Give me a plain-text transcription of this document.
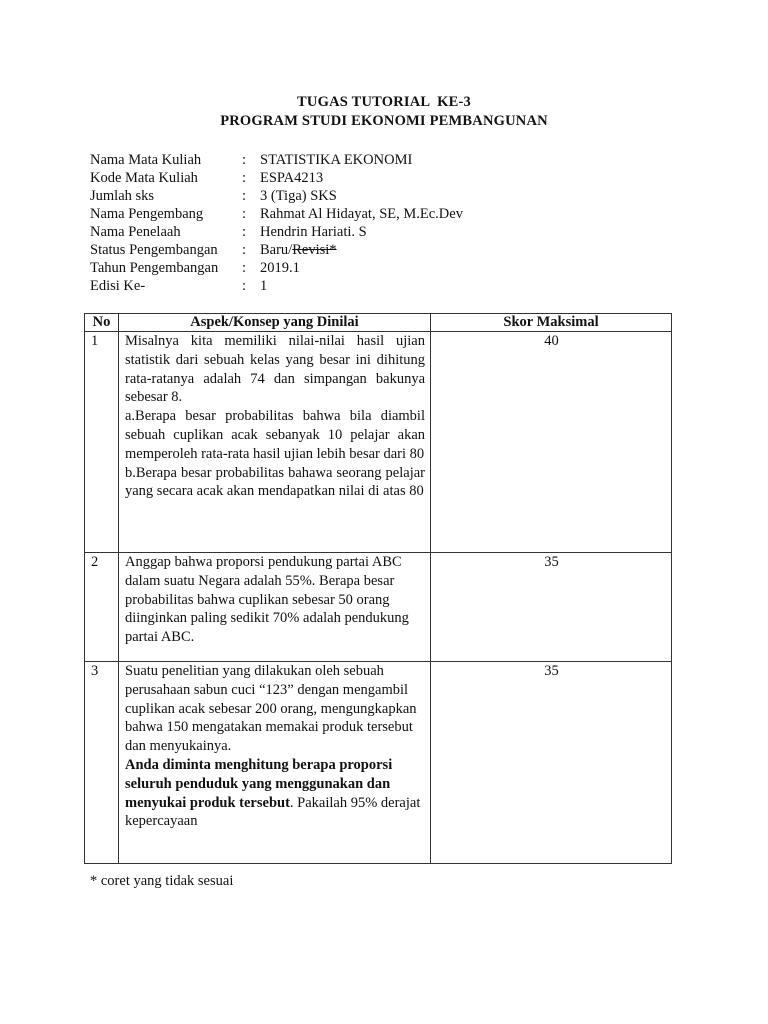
TUGAS TUTORIAL  KE-3
PROGRAM STUDI EKONOMI PEMBANGUNAN
Nama Mata Kuliah	: STATISTIKA EKONOMI
Kode Mata Kuliah	: ESPA4213
Jumlah sks	: 3 (Tiga) SKS
Nama Pengembang	: Rahmat Al Hidayat, SE, M.Ec.Dev
Nama Penelaah	: Hendrin Hariati. S
Status Pengembangan	: Baru/Revisi*
Tahun Pengembangan	: 2019.1
Edisi Ke-	: 1
No	Aspek/Konsep yang Dinilai	Skor Maksimal
1	Misalnya kita memiliki nilai-nilai hasil ujian statistik dari sebuah kelas yang besar ini dihitung rata-ratanya adalah 74 dan simpangan bakunya sebesar 8.
a.Berapa besar probabilitas bahwa bila diambil sebuah cuplikan acak sebanyak 10 pelajar akan memperoleh rata-rata hasil ujian lebih besar dari 80
b.Berapa besar probabilitas bahawa seorang pelajar yang secara acak akan mendapatkan nilai di atas 80	40
2	Anggap bahwa proporsi pendukung partai ABC dalam suatu Negara adalah 55%. Berapa besar probabilitas bahwa cuplikan sebesar 50 orang diinginkan paling sedikit 70% adalah pendukung partai ABC.	35
3	Suatu penelitian yang dilakukan oleh sebuah perusahaan sabun cuci “123” dengan mengambil cuplikan acak sebesar 200 orang, mengungkapkan bahwa 150 mengatakan memakai produk tersebut dan menyukainya.
Anda diminta menghitung berapa proporsi seluruh penduduk yang menggunakan dan menyukai produk tersebut. Pakailah 95% derajat kepercayaan	35
* coret yang tidak sesuai
